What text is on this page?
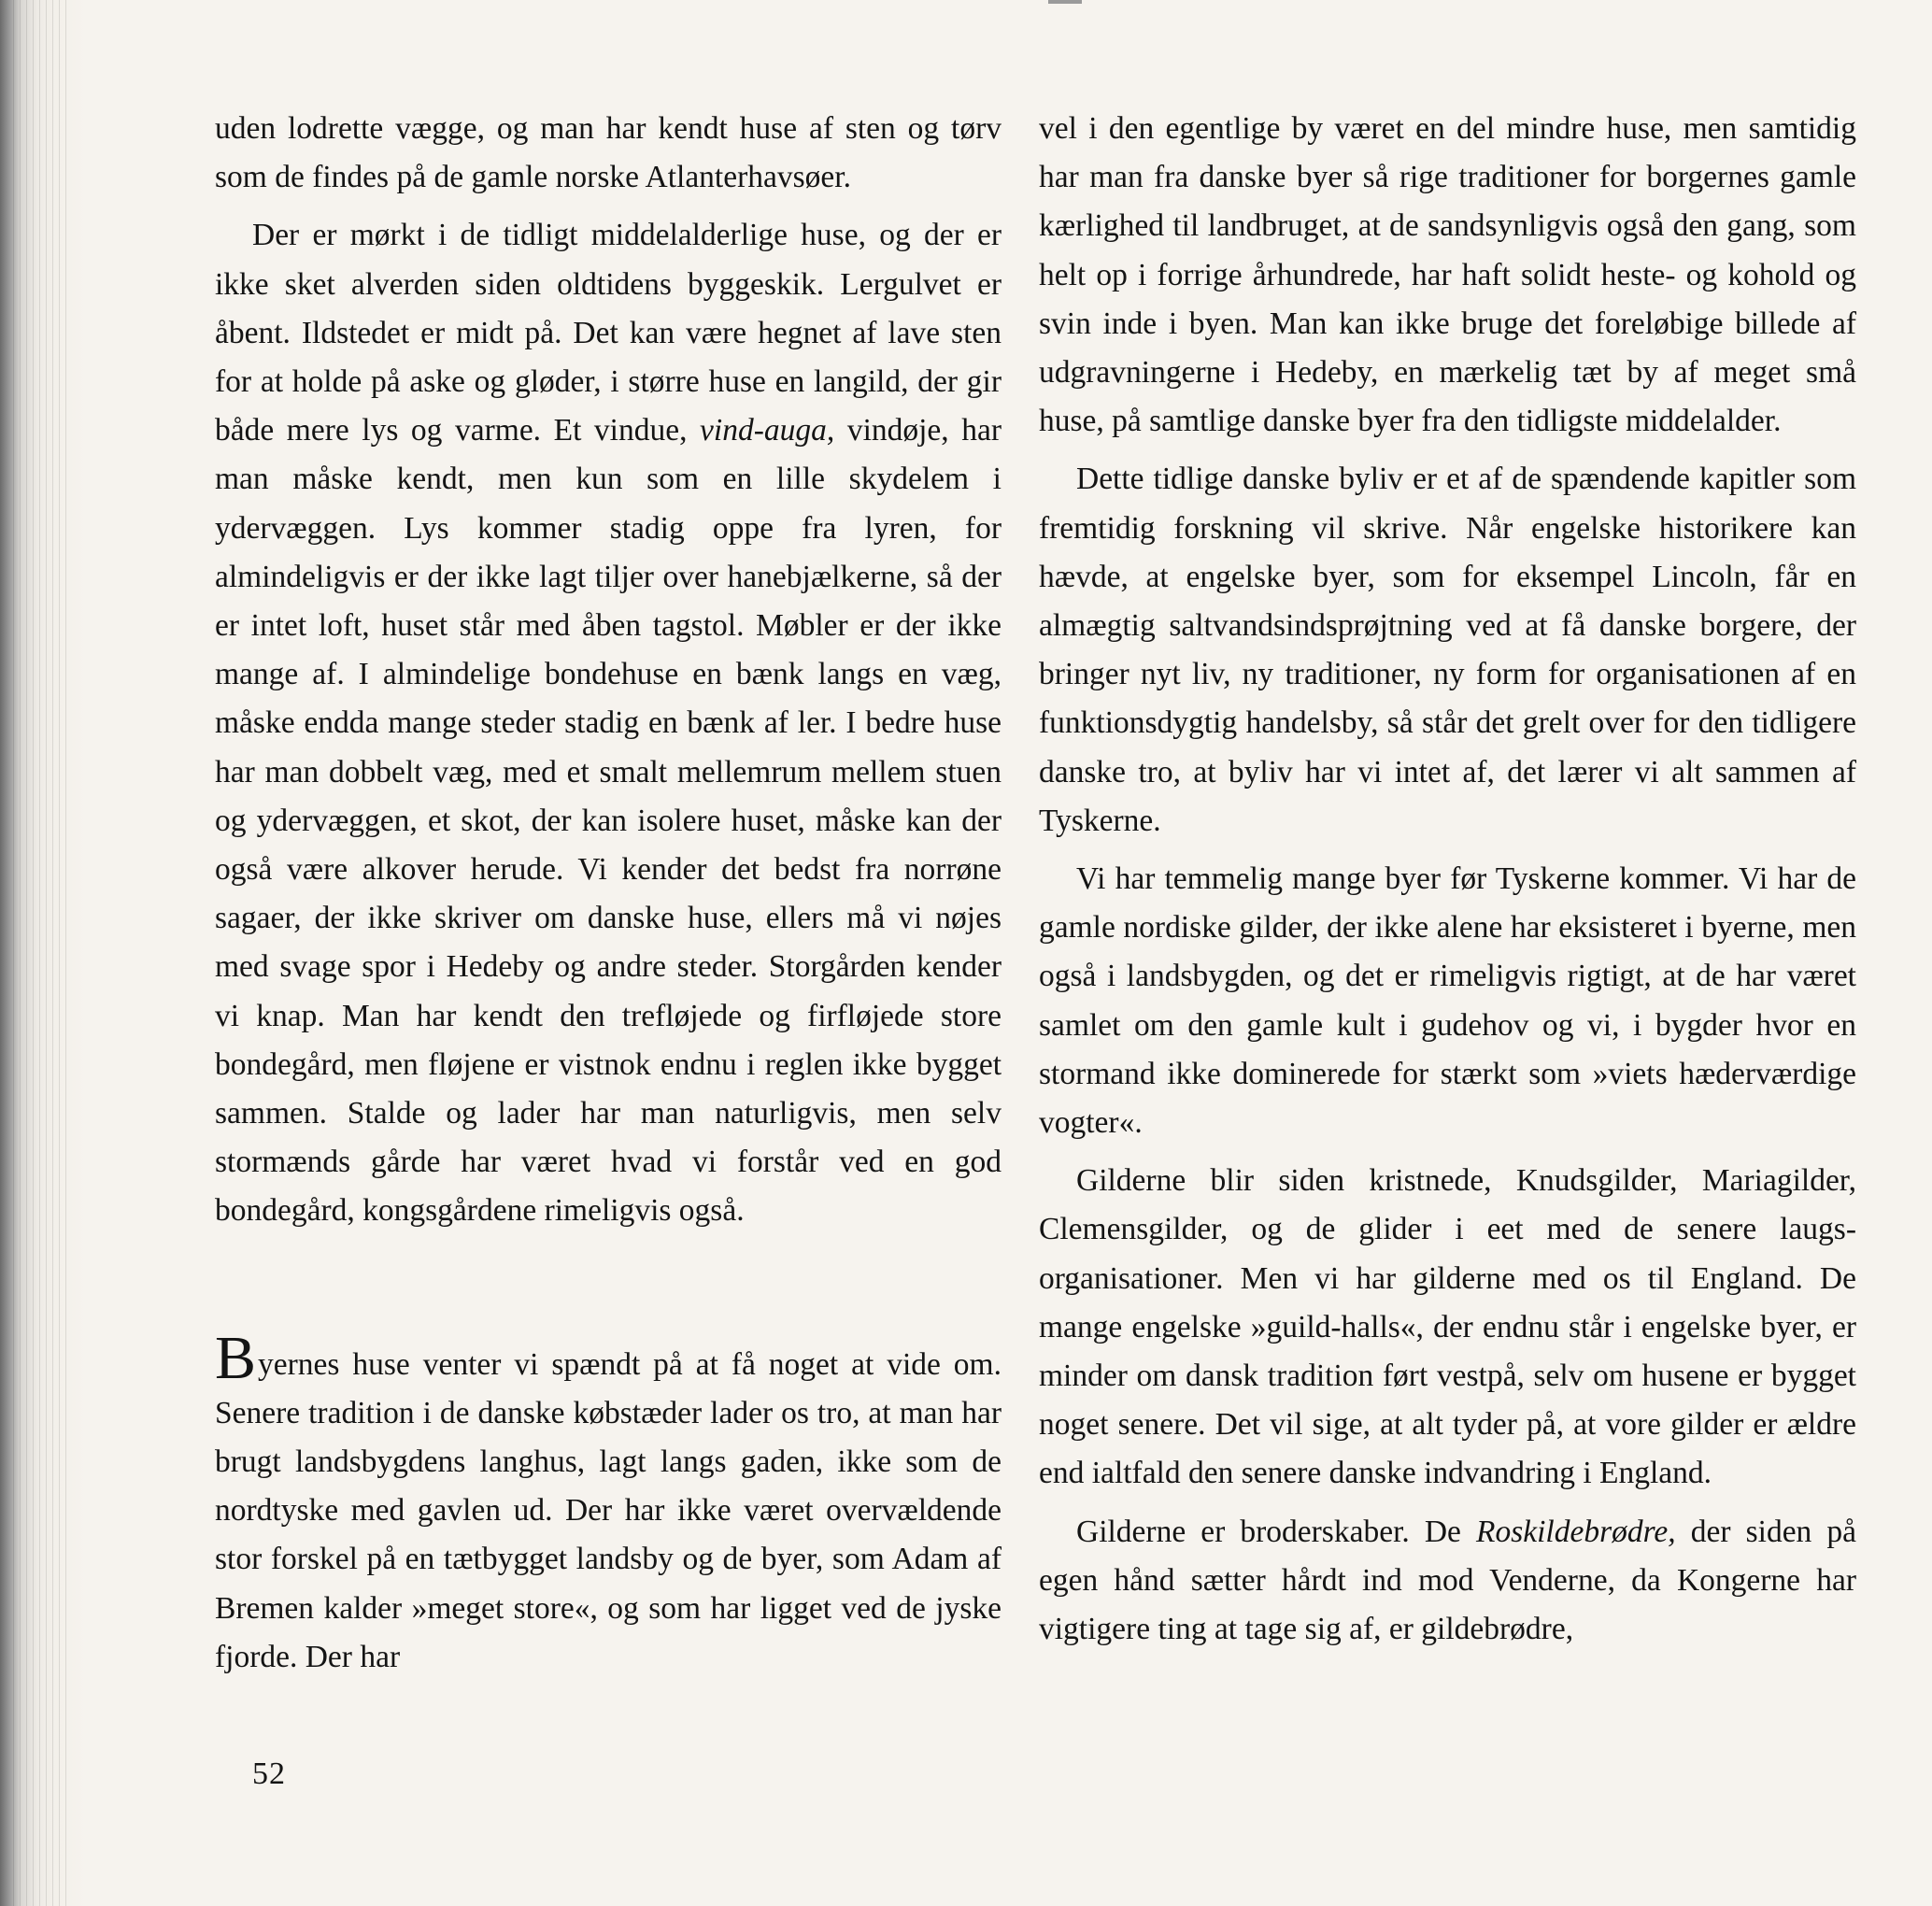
uden lodrette vægge, og man har kendt huse af sten og tørv som de findes på de gamle norske Atlanterhavsøer.

Der er mørkt i de tidligt middelalderlige huse, og der er ikke sket alverden siden oldtidens byggeskik. Lergulvet er åbent. Ildstedet er midt på. Det kan være hegnet af lave sten for at holde på aske og gløder, i større huse en langild, der gir både mere lys og varme. Et vindue, vind-auga, vindøje, har man måske kendt, men kun som en lille skydelem i ydervæggen. Lys kommer stadig oppe fra lyren, for almindeligvis er der ikke lagt tiljer over hanebjælkerne, så der er intet loft, huset står med åben tagstol. Møbler er der ikke mange af. I almindelige bondehuse en bænk langs en væg, måske endda mange steder stadig en bænk af ler. I bedre huse har man dobbelt væg, med et smalt mellemrum mellem stuen og ydervæggen, et skot, der kan isolere huset, måske kan der også være alkover herude. Vi kender det bedst fra norrøne sagaer, der ikke skriver om danske huse, ellers må vi nøjes med svage spor i Hedeby og andre steder. Storgården kender vi knap. Man har kendt den trefløjede og firfløjede store bondegård, men fløjene er vistnok endnu i reglen ikke bygget sammen. Stalde og lader har man naturligvis, men selv stormænds gårde har været hvad vi forstår ved en god bondegård, kongsgårdene rimeligvis også.

Byernes huse venter vi spændt på at få noget at vide om. Senere tradition i de danske købstæder lader os tro, at man har brugt landsbygdens langhus, lagt langs gaden, ikke som de nordtyske med gavlen ud. Der har ikke været overvældende stor forskel på en tætbygget landsby og de byer, som Adam af Bremen kalder »meget store«, og som har ligget ved de jyske fjorde. Der har

vel i den egentlige by været en del mindre huse, men samtidig har man fra danske byer så rige traditioner for borgernes gamle kærlighed til landbruget, at de sandsynligvis også den gang, som helt op i forrige århundrede, har haft solidt heste- og kohold og svin inde i byen. Man kan ikke bruge det foreløbige billede af udgravningerne i Hedeby, en mærkelig tæt by af meget små huse, på samtlige danske byer fra den tidligste middelalder.

Dette tidlige danske byliv er et af de spændende kapitler som fremtidig forskning vil skrive. Når engelske historikere kan hævde, at engelske byer, som for eksempel Lincoln, får en almægtig saltvandsindsprøjtning ved at få danske borgere, der bringer nyt liv, ny traditioner, ny form for organisationen af en funktionsdygtig handelsby, så står det grelt over for den tidligere danske tro, at byliv har vi intet af, det lærer vi alt sammen af Tyskerne.

Vi har temmelig mange byer før Tyskerne kommer. Vi har de gamle nordiske gilder, der ikke alene har eksisteret i byerne, men også i landsbygden, og det er rimeligvis rigtigt, at de har været samlet om den gamle kult i gudehov og vi, i bygder hvor en stormand ikke dominerede for stærkt som »viets hæderværdige vogter«.

Gilderne blir siden kristnede, Knudsgilder, Mariagilder, Clemensgilder, og de glider i eet med de senere laugs-organisationer. Men vi har gilderne med os til England. De mange engelske »guild-halls«, der endnu står i engelske byer, er minder om dansk tradition ført vestpå, selv om husene er bygget noget senere. Det vil sige, at alt tyder på, at vore gilder er ældre end ialtfald den senere danske indvandring i England.

Gilderne er broderskaber. De Roskildebrødre, der siden på egen hånd sætter hårdt ind mod Venderne, da Kongerne har vigtigere ting at tage sig af, er gildebrødre,

52
